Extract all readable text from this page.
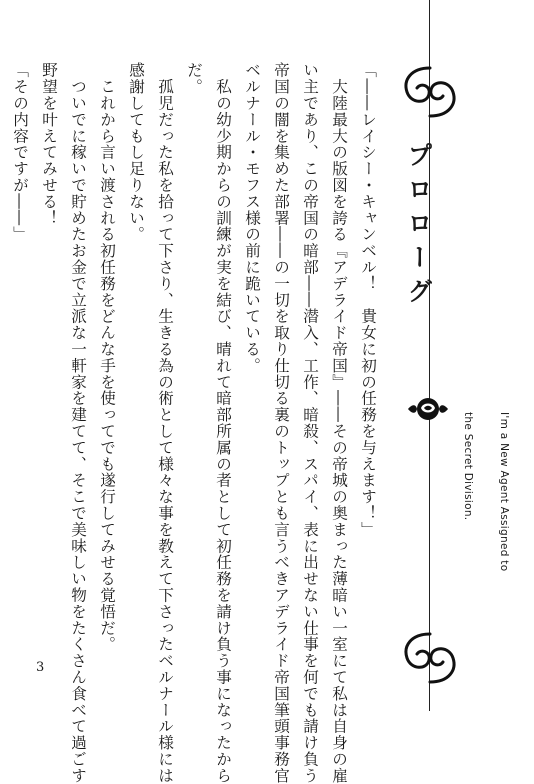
「――レイシー・キャンベル！　貴女に初の任務を与えます！」

　大陸最大の版図を誇る『アデライド帝国』――その帝城の奥まった薄暗い一室にて私は自身の雇

い主であり、この帝国の暗部――潜入、工作、暗殺、スパイ、表に出せない仕事を何でも請け負う

帝国の闇を集めた部署――の一切を取り仕切る裏のトップとも言うべきアデライド帝国筆頭事務官

ベルナール・モフス様の前に跪いている。

　私の幼少期からの訓練が実を結び、晴れて暗部所属の者として初任務を請け負う事になったから

だ。

　孤児だった私を拾って下さり、生きる為の術として様々な事を教えて下さったベルナール様には

感謝してもし足りない。

　これから言い渡される初任務をどんな手を使ってでも遂行してみせる覚悟だ。

　ついでに稼いで貯めたお金で立派な一軒家を建てて、そこで美味しい物をたくさん食べて過ごす

野望を叶えてみせる！

「その内容ですが――」	プロローグ

I'm a New Agent Assigned to

the Secret Division.

3
